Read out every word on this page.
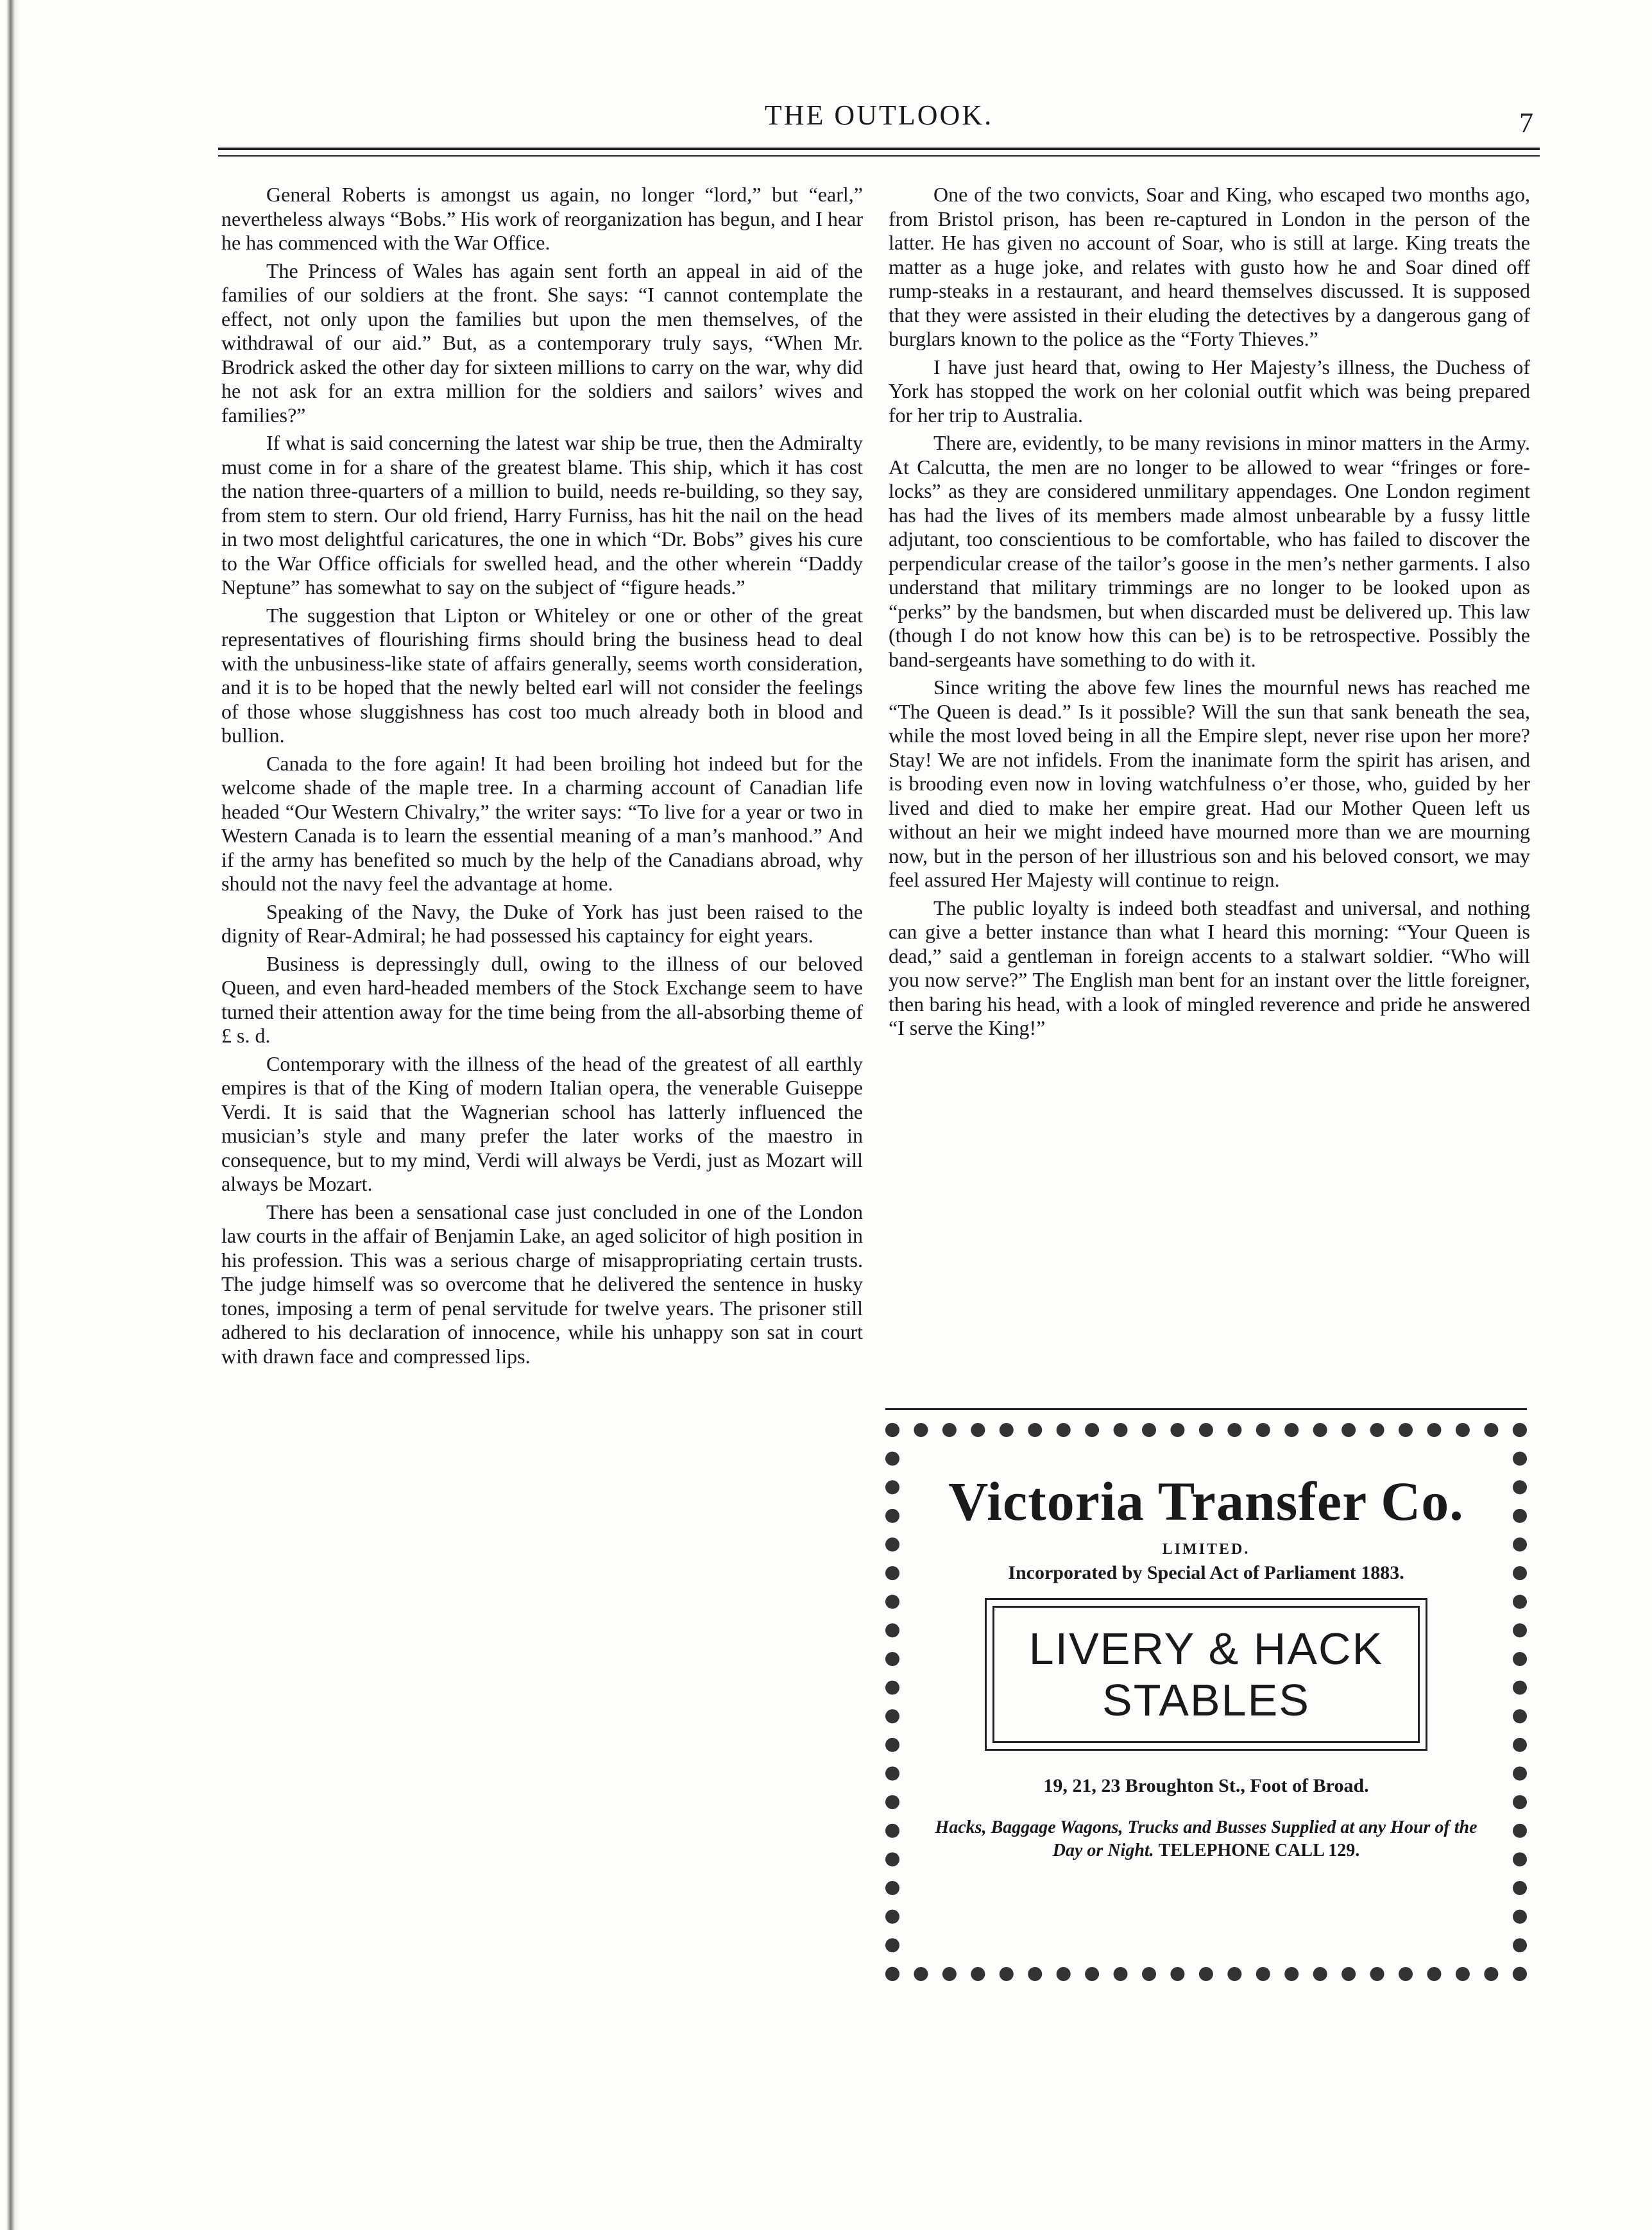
THE OUTLOOK.	7

General Roberts is amongst us again, no longer “lord,” but “earl,” nevertheless always “Bobs.” His work of reorganization has begun, and I hear he has commenced with the War Office.

The Princess of Wales has again sent forth an appeal in aid of the families of our soldiers at the front. She says: “I cannot contemplate the effect, not only upon the families but upon the men themselves, of the withdrawal of our aid.” But, as a contemporary truly says, “When Mr. Brodrick asked the other day for sixteen millions to carry on the war, why did he not ask for an extra million for the soldiers and sailors’ wives and families?”

If what is said concerning the latest war ship be true, then the Admiralty must come in for a share of the greatest blame. This ship, which it has cost the nation three-quarters of a million to build, needs re-building, so they say, from stem to stern. Our old friend, Harry Furniss, has hit the nail on the head in two most delightful caricatures, the one in which “Dr. Bobs” gives his cure to the War Office officials for swelled head, and the other wherein “Daddy Neptune” has somewhat to say on the subject of “figure heads.”

The suggestion that Lipton or Whiteley or one or other of the great representatives of flourishing firms should bring the business head to deal with the unbusiness-like state of affairs generally, seems worth consideration, and it is to be hoped that the newly belted earl will not consider the feelings of those whose sluggishness has cost too much already both in blood and bullion.

Canada to the fore again! It had been broiling hot indeed but for the welcome shade of the maple tree. In a charming account of Canadian life headed “Our Western Chivalry,” the writer says: “To live for a year or two in Western Canada is to learn the essential meaning of a man’s manhood.” And if the army has benefited so much by the help of the Canadians abroad, why should not the navy feel the advantage at home.

Speaking of the Navy, the Duke of York has just been raised to the dignity of Rear-Admiral; he had possessed his captaincy for eight years.

Business is depressingly dull, owing to the illness of our beloved Queen, and even hard-headed members of the Stock Exchange seem to have turned their attention away for the time being from the all-absorbing theme of £ s. d.

Contemporary with the illness of the head of the greatest of all earthly empires is that of the King of modern Italian opera, the venerable Guiseppe Verdi. It is said that the Wagnerian school has latterly influenced the musician’s style and many prefer the later works of the maestro in consequence, but to my mind, Verdi will always be Verdi, just as Mozart will always be Mozart.

There has been a sensational case just concluded in one of the London law courts in the affair of Benjamin Lake, an aged solicitor of high position in his profession. This was a serious charge of misappropriating certain trusts. The judge himself was so overcome that he delivered the sentence in husky tones, imposing a term of penal servitude for twelve years. The prisoner still adhered to his declaration of innocence, while his unhappy son sat in court with drawn face and compressed lips.

One of the two convicts, Soar and King, who escaped two months ago, from Bristol prison, has been re-captured in London in the person of the latter. He has given no account of Soar, who is still at large. King treats the matter as a huge joke, and relates with gusto how he and Soar dined off rump-steaks in a restaurant, and heard themselves discussed. It is supposed that they were assisted in their eluding the detectives by a dangerous gang of burglars known to the police as the “Forty Thieves.”

I have just heard that, owing to Her Majesty’s illness, the Duchess of York has stopped the work on her colonial outfit which was being prepared for her trip to Australia.

There are, evidently, to be many revisions in minor matters in the Army. At Calcutta, the men are no longer to be allowed to wear “fringes or fore-locks” as they are considered unmilitary appendages. One London regiment has had the lives of its members made almost unbearable by a fussy little adjutant, too conscientious to be comfortable, who has failed to discover the perpendicular crease of the tailor’s goose in the men’s nether garments. I also understand that military trimmings are no longer to be looked upon as “perks” by the bandsmen, but when discarded must be delivered up. This law (though I do not know how this can be) is to be retrospective. Possibly the band-sergeants have something to do with it.

Since writing the above few lines the mournful news has reached me “The Queen is dead.” Is it possible? Will the sun that sank beneath the sea, while the most loved being in all the Empire slept, never rise upon her more? Stay! We are not infidels. From the inanimate form the spirit has arisen, and is brooding even now in loving watchfulness o’er those, who, guided by her lived and died to make her empire great. Had our Mother Queen left us without an heir we might indeed have mourned more than we are mourning now, but in the person of her illustrious son and his beloved consort, we may feel assured Her Majesty will continue to reign.

The public loyalty is indeed both steadfast and universal, and nothing can give a better instance than what I heard this morning: “Your Queen is dead,” said a gentleman in foreign accents to a stalwart soldier. “Who will you now serve?” The English man bent for an instant over the little foreigner, then baring his head, with a look of mingled reverence and pride he answered “I serve the King!”

Victoria Transfer Co.
LIMITED.
Incorporated by Special Act of Parliament 1883.
LIVERY & HACK
STABLES
19, 21, 23 Broughton St., Foot of Broad.
Hacks, Baggage Wagons, Trucks and Busses Supplied at any Hour of the Day or Night. TELEPHONE CALL 129.
